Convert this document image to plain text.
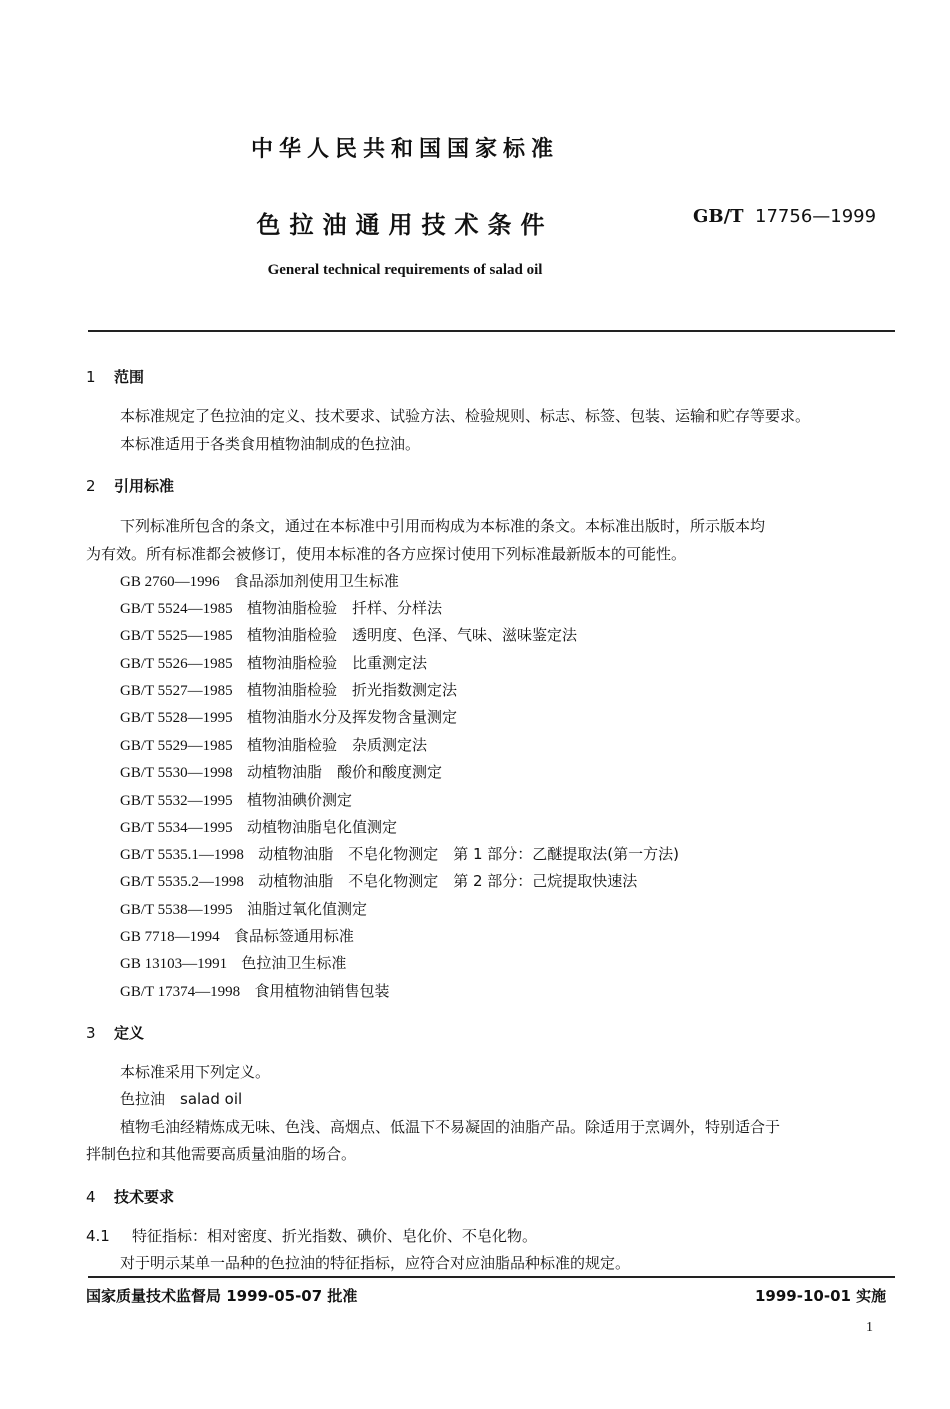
中华人民共和国国家标准
色拉油通用技术条件	GB/T 17756—1999
General technical requirements of salad oil
1 范围
本标准规定了色拉油的定义、技术要求、试验方法、检验规则、标志、标签、包装、运输和贮存等要求。
本标准适用于各类食用植物油制成的色拉油。
2 引用标准
下列标准所包含的条文，通过在本标准中引用而构成为本标准的条文。本标准出版时，所示版本均
为有效。所有标准都会被修订，使用本标准的各方应探讨使用下列标准最新版本的可能性。
GB 2760—1996 食品添加剂使用卫生标准
GB/T 5524—1985 植物油脂检验　扦样、分样法
GB/T 5525—1985 植物油脂检验　透明度、色泽、气味、滋味鉴定法
GB/T 5526—1985 植物油脂检验　比重测定法
GB/T 5527—1985 植物油脂检验　折光指数测定法
GB/T 5528—1995 植物油脂水分及挥发物含量测定
GB/T 5529—1985 植物油脂检验　杂质测定法
GB/T 5530—1998 动植物油脂　酸价和酸度测定
GB/T 5532—1995 植物油碘价测定
GB/T 5534—1995 动植物油脂皂化值测定
GB/T 5535.1—1998 动植物油脂　不皂化物测定　第 1 部分：乙醚提取法(第一方法)
GB/T 5535.2—1998 动植物油脂　不皂化物测定　第 2 部分：己烷提取快速法
GB/T 5538—1995 油脂过氧化值测定
GB 7718—1994 食品标签通用标准
GB 13103—1991 色拉油卫生标准
GB/T 17374—1998 食用植物油销售包装
3 定义
本标准采用下列定义。
色拉油　salad oil
植物毛油经精炼成无味、色浅、高烟点、低温下不易凝固的油脂产品。除适用于烹调外，特别适合于
拌制色拉和其他需要高质量油脂的场合。
4 技术要求
4.1 特征指标：相对密度、折光指数、碘价、皂化价、不皂化物。
对于明示某单一品种的色拉油的特征指标，应符合对应油脂品种标准的规定。
国家质量技术监督局 1999-05-07 批准	1999-10-01 实施
1
